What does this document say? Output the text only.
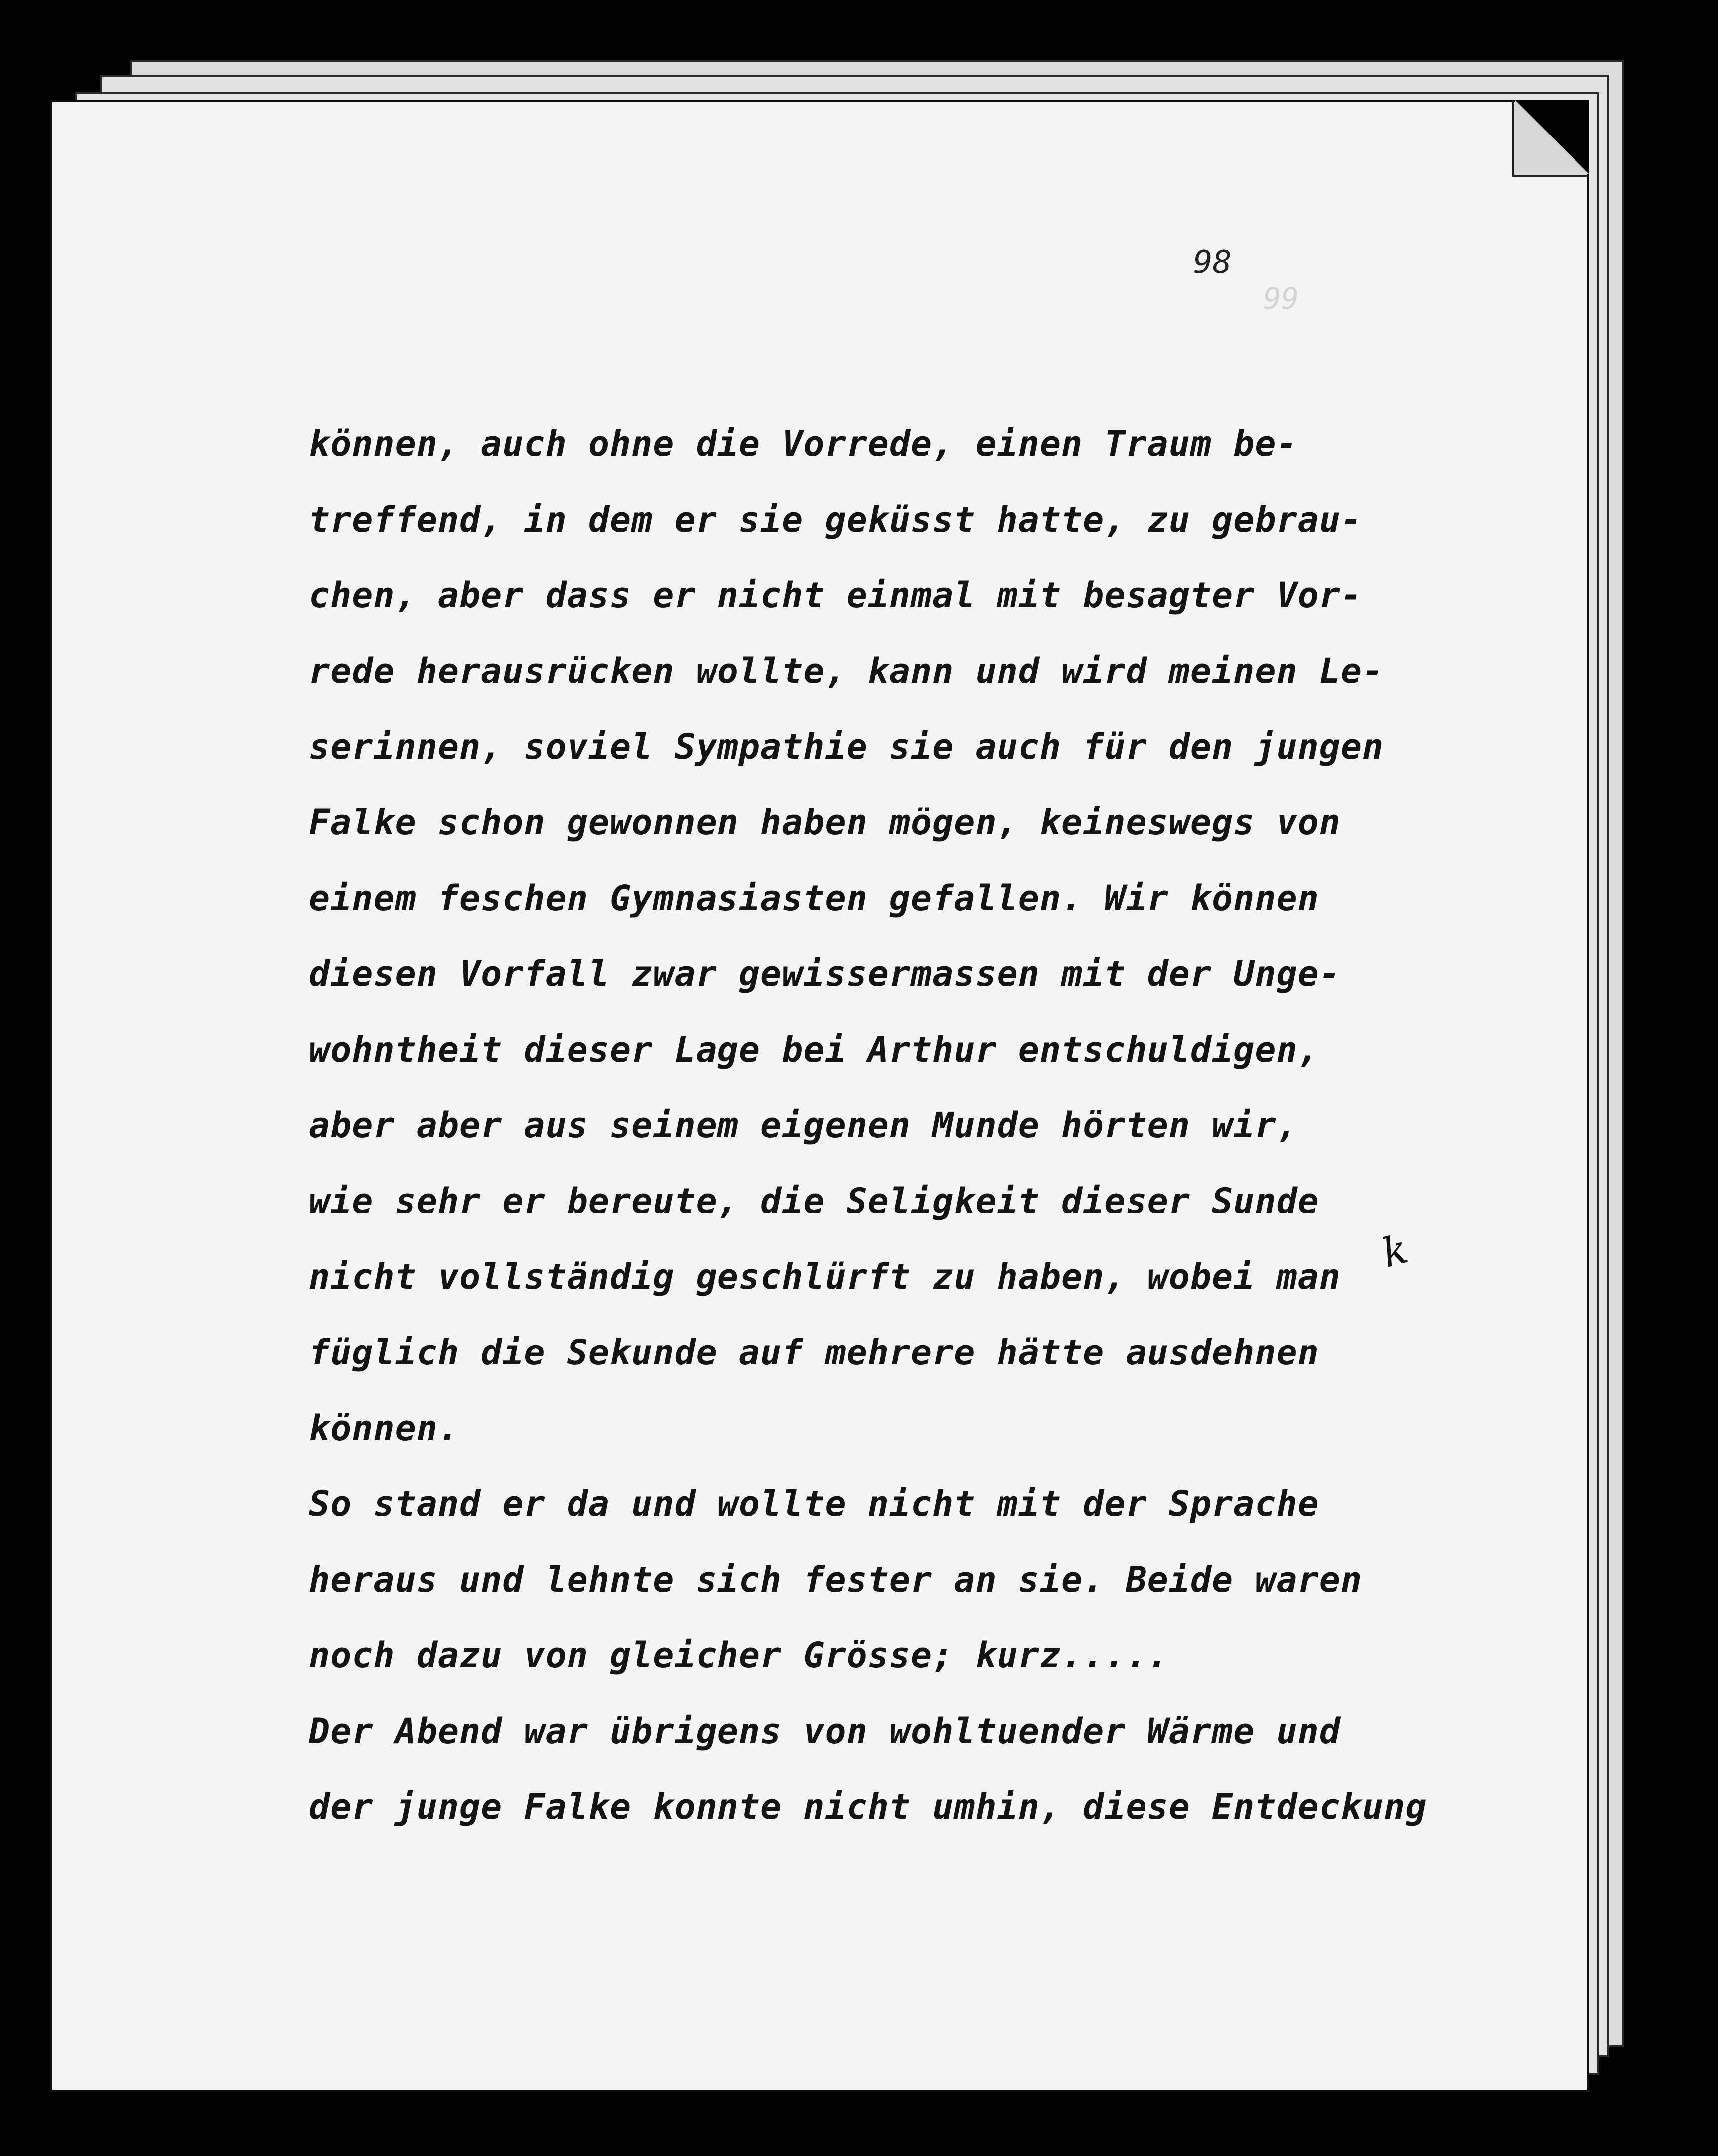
98
99
k
können, auch ohne die Vorrede, einen Traum be-
treffend, in dem er sie geküsst hatte, zu gebrau-
chen, aber dass er nicht einmal mit besagter Vor-
rede herausrücken wollte, kann und wird meinen Le-
serinnen, soviel Sympathie sie auch für den jungen
Falke schon gewonnen haben mögen, keineswegs von
einem feschen Gymnasiasten gefallen. Wir können
diesen Vorfall zwar gewissermassen mit der Unge-
wohntheit dieser Lage bei Arthur entschuldigen,
aber aber aus seinem eigenen Munde hörten wir,
wie sehr er bereute, die Seligkeit dieser Sunde
nicht vollständig geschlürft zu haben, wobei man
füglich die Sekunde auf mehrere hätte ausdehnen
können.
So stand er da und wollte nicht mit der Sprache
heraus und lehnte sich fester an sie. Beide waren
noch dazu von gleicher Grösse; kurz.....
Der Abend war übrigens von wohltuender Wärme und
der junge Falke konnte nicht umhin, diese Entdeckung
